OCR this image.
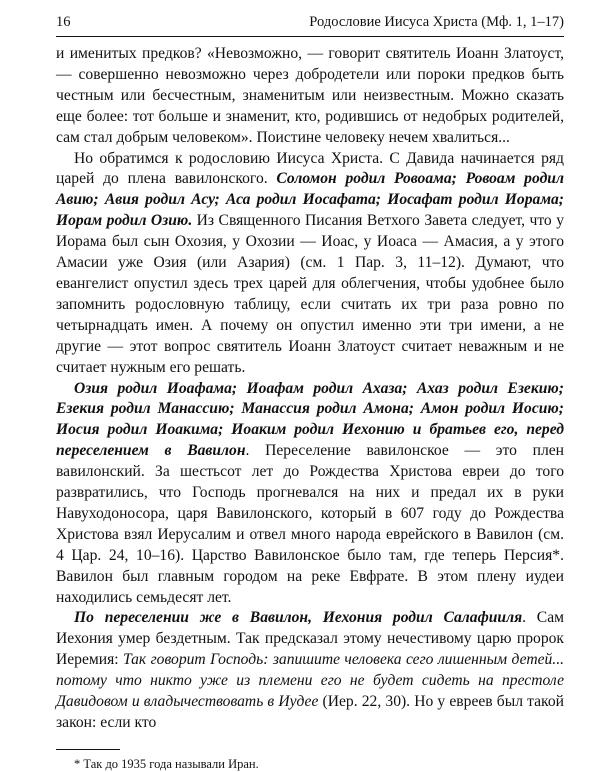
16	Родословие Иисуса Христа (Мф. 1, 1–17)

и именитых предков? «Невозможно, — говорит святитель Иоанн Златоуст, — совершенно невозможно через добродетели или пороки предков быть честным или бесчестным, знаменитым или неизвестным. Можно сказать еще более: тот больше и знаменит, кто, родившись от недобрых родителей, сам стал добрым человеком». Поистине человеку нечем хвалиться...

Но обратимся к родословию Иисуса Христа. С Давида начинается ряд царей до плена вавилонского. Соломон родил Ровоама; Ровоам родил Авию; Авия родил Асу; Аса родил Иосафата; Иосафат родил Иорама; Иорам родил Озию. Из Священного Писания Ветхого Завета следует, что у Иорама был сын Охозия, у Охозии — Иоас, у Иоаса — Амасия, а у этого Амасии уже Озия (или Азария) (см. 1 Пар. 3, 11–12). Думают, что евангелист опустил здесь трех царей для облегчения, чтобы удобнее было запомнить родословную таблицу, если считать их три раза ровно по четырнадцать имен. А почему он опустил именно эти три имени, а не другие — этот вопрос святитель Иоанн Златоуст считает неважным и не считает нужным его решать.

Озия родил Иоафама; Иоафам родил Ахаза; Ахаз родил Езекию; Езекия родил Манассию; Манассия родил Амона; Амон родил Иосию; Иосия родил Иоакима; Иоаким родил Иехонию и братьев его, перед переселением в Вавилон. Переселение вавилонское — это плен вавилонский. За шестьсот лет до Рождества Христова евреи до того развратились, что Господь прогневался на них и предал их в руки Навуходоносора, царя Вавилонского, который в 607 году до Рождества Христова взял Иерусалим и отвел много народа еврейского в Вавилон (см. 4 Цар. 24, 10–16). Царство Вавилонское было там, где теперь Персия*. Вавилон был главным городом на реке Евфрате. В этом плену иудеи находились семьдесят лет.

По переселении же в Вавилон, Иехония родил Салафииля. Сам Иехония умер бездетным. Так предсказал этому нечестивому царю пророк Иеремия: Так говорит Господь: запишите человека сего лишенным детей... потому что никто уже из племени его не будет сидеть на престоле Давидовом и владычествовать в Иудее (Иер. 22, 30). Но у евреев был такой закон: если кто

* Так до 1935 года называли Иран.
